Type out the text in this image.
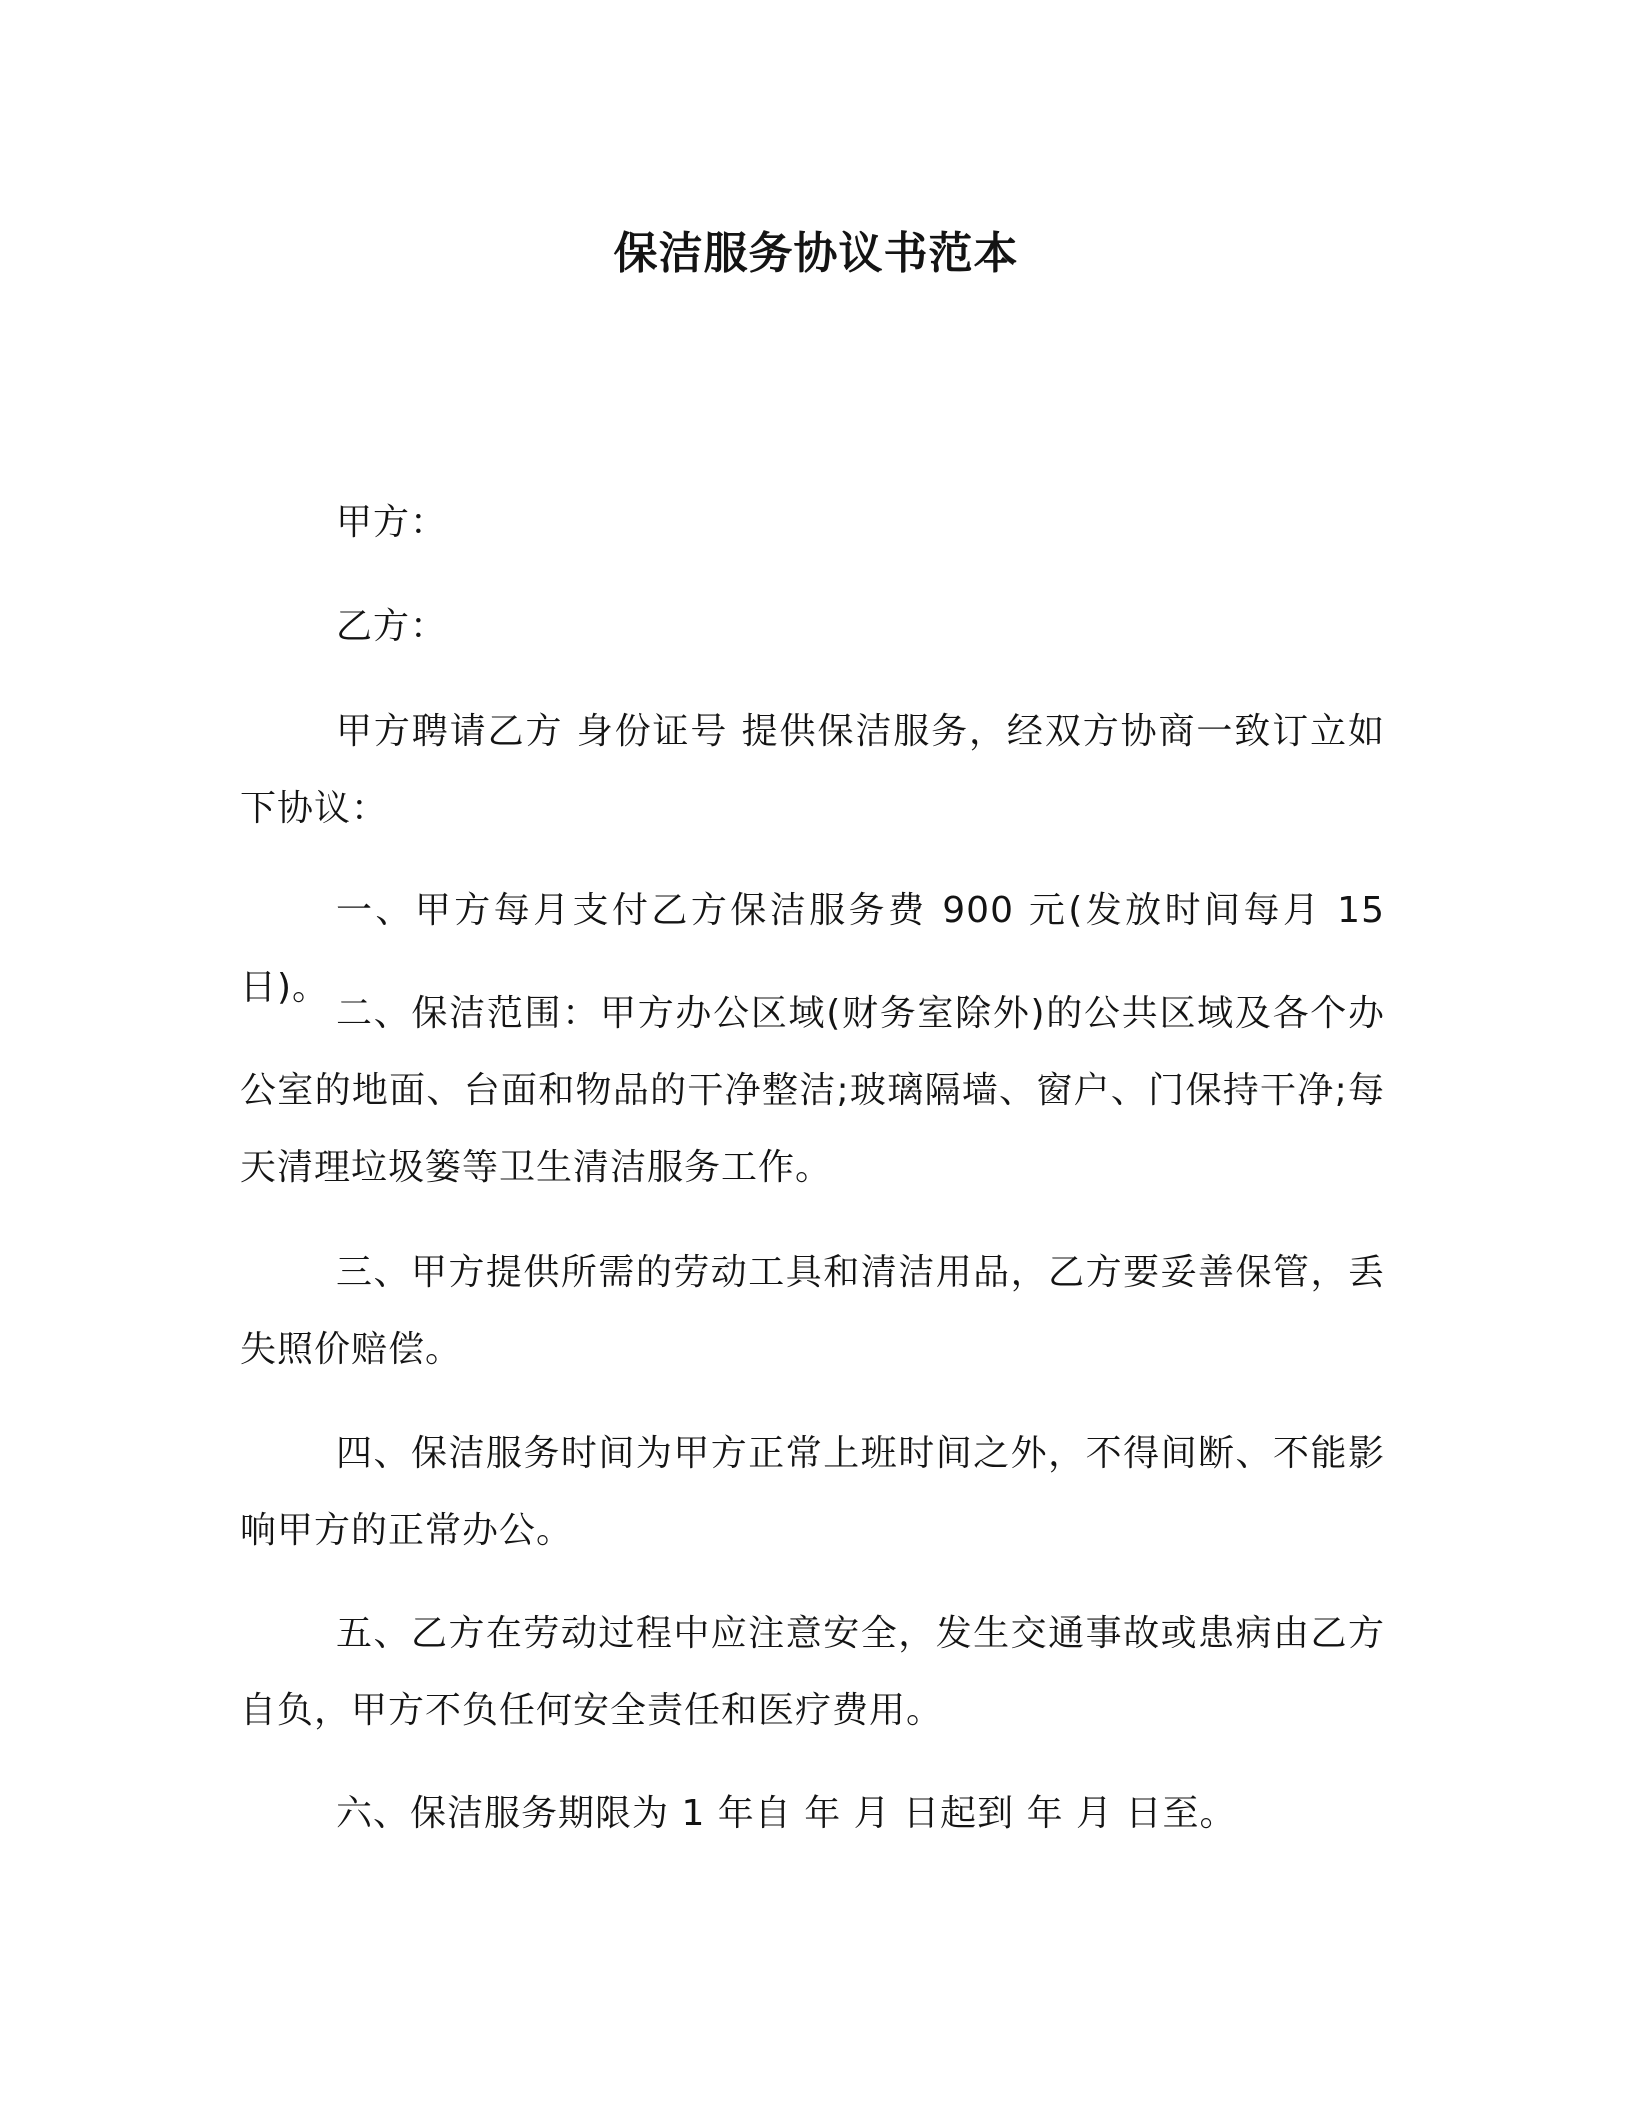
保洁服务协议书范本

甲方：

乙方：

甲方聘请乙方 身份证号 提供保洁服务，经双方协商一致订立如下协议：

一、甲方每月支付乙方保洁服务费 900 元(发放时间每月 15 日)。

二、保洁范围：甲方办公区域(财务室除外)的公共区域及各个办公室的地面、台面和物品的干净整洁;玻璃隔墙、窗户、门保持干净;每天清理垃圾篓等卫生清洁服务工作。

三、甲方提供所需的劳动工具和清洁用品，乙方要妥善保管，丢失照价赔偿。

四、保洁服务时间为甲方正常上班时间之外，不得间断、不能影响甲方的正常办公。

五、乙方在劳动过程中应注意安全，发生交通事故或患病由乙方自负，甲方不负任何安全责任和医疗费用。

六、保洁服务期限为 1 年自 年 月 日起到 年 月 日至。
